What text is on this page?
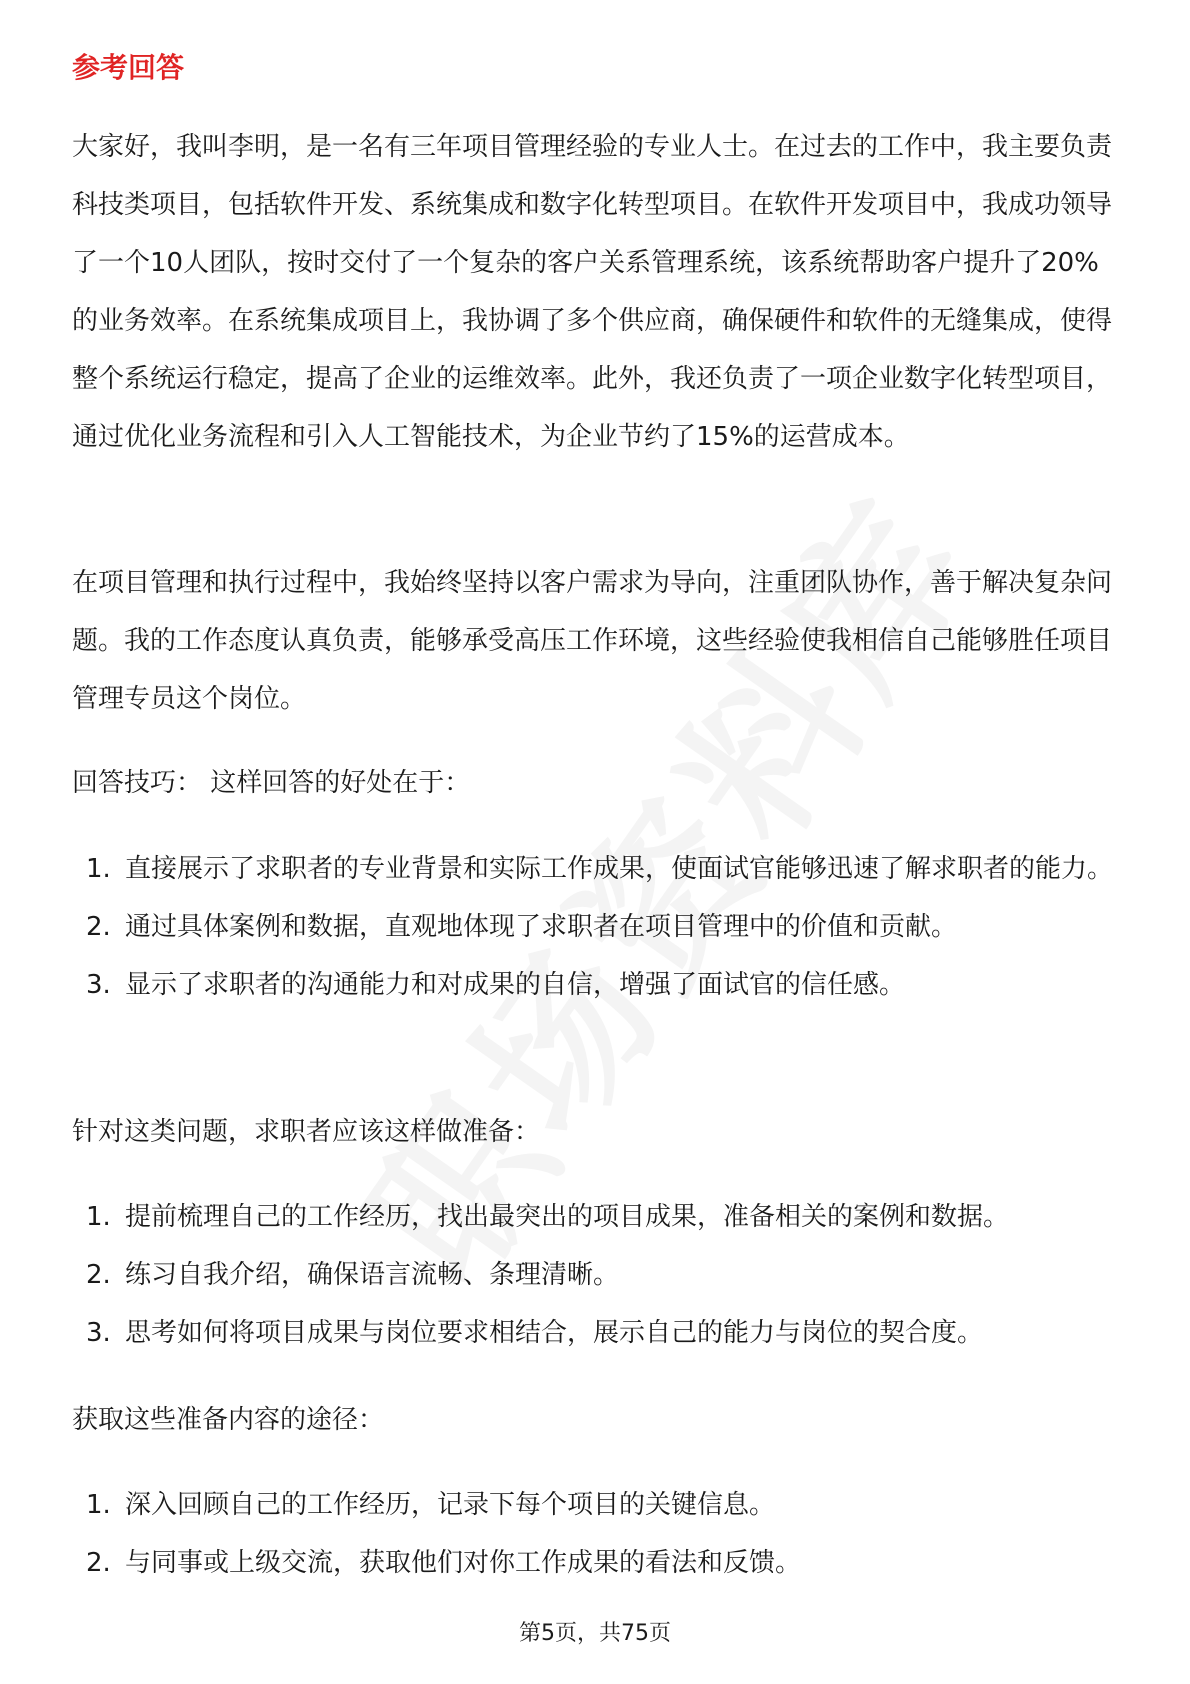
参考回答
大家好，我叫李明，是一名有三年项目管理经验的专业人士。在过去的工作中，我主要负责科技类项目，包括软件开发、系统集成和数字化转型项目。在软件开发项目中，我成功领导了一个10人团队，按时交付了一个复杂的客户关系管理系统，该系统帮助客户提升了20%的业务效率。在系统集成项目上，我协调了多个供应商，确保硬件和软件的无缝集成，使得整个系统运行稳定，提高了企业的运维效率。此外，我还负责了一项企业数字化转型项目，通过优化业务流程和引入人工智能技术，为企业节约了15%的运营成本。
在项目管理和执行过程中，我始终坚持以客户需求为导向，注重团队协作，善于解决复杂问题。我的工作态度认真负责，能够承受高压工作环境，这些经验使我相信自己能够胜任项目管理专员这个岗位。
回答技巧： 这样回答的好处在于：
1. 直接展示了求职者的专业背景和实际工作成果，使面试官能够迅速了解求职者的能力。
2. 通过具体案例和数据，直观地体现了求职者在项目管理中的价值和贡献。
3. 显示了求职者的沟通能力和对成果的自信，增强了面试官的信任感。
针对这类问题，求职者应该这样做准备：
1. 提前梳理自己的工作经历，找出最突出的项目成果，准备相关的案例和数据。
2. 练习自我介绍，确保语言流畅、条理清晰。
3. 思考如何将项目成果与岗位要求相结合，展示自己的能力与岗位的契合度。
获取这些准备内容的途径：
1. 深入回顾自己的工作经历，记录下每个项目的关键信息。
2. 与同事或上级交流，获取他们对你工作成果的看法和反馈。
第5页，共75页
